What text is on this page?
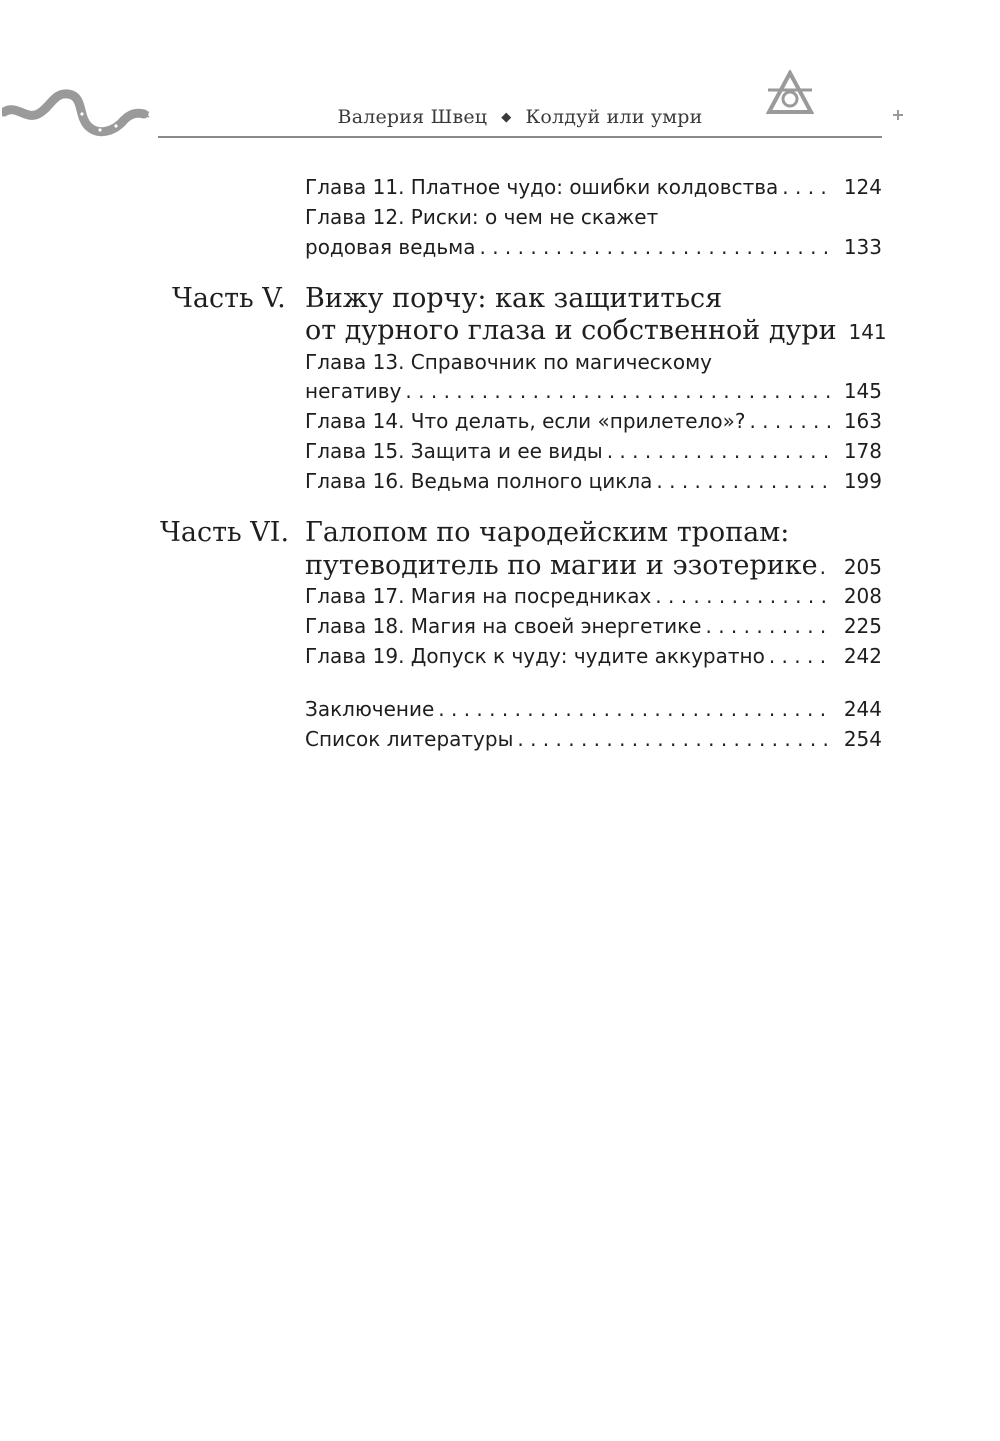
Валерия Швец ◆ Колдуй или умри
Глава 11. Платное чудо: ошибки колдовства . . .	124
Глава 12. Риски: о чем не скажет
родовая ведьма . . .	133
Часть V. Вижу порчу: как защититься
от дурного глаза и собственной дури 141
Глава 13. Справочник по магическому
негативу . . .	145
Глава 14. Что делать, если «прилетело»? . . .	163
Глава 15. Защита и ее виды . . .	178
Глава 16. Ведьма полного цикла . . .	199
Часть VI. Галопом по чародейским тропам:
путеводитель по магии и эзотерике . . . 205
Глава 17. Магия на посредниках . . .	208
Глава 18. Магия на своей энергетике . . .	225
Глава 19. Допуск к чуду: чудите аккуратно . . .	242
Заключение . . .	244
Список литературы . . .	254
